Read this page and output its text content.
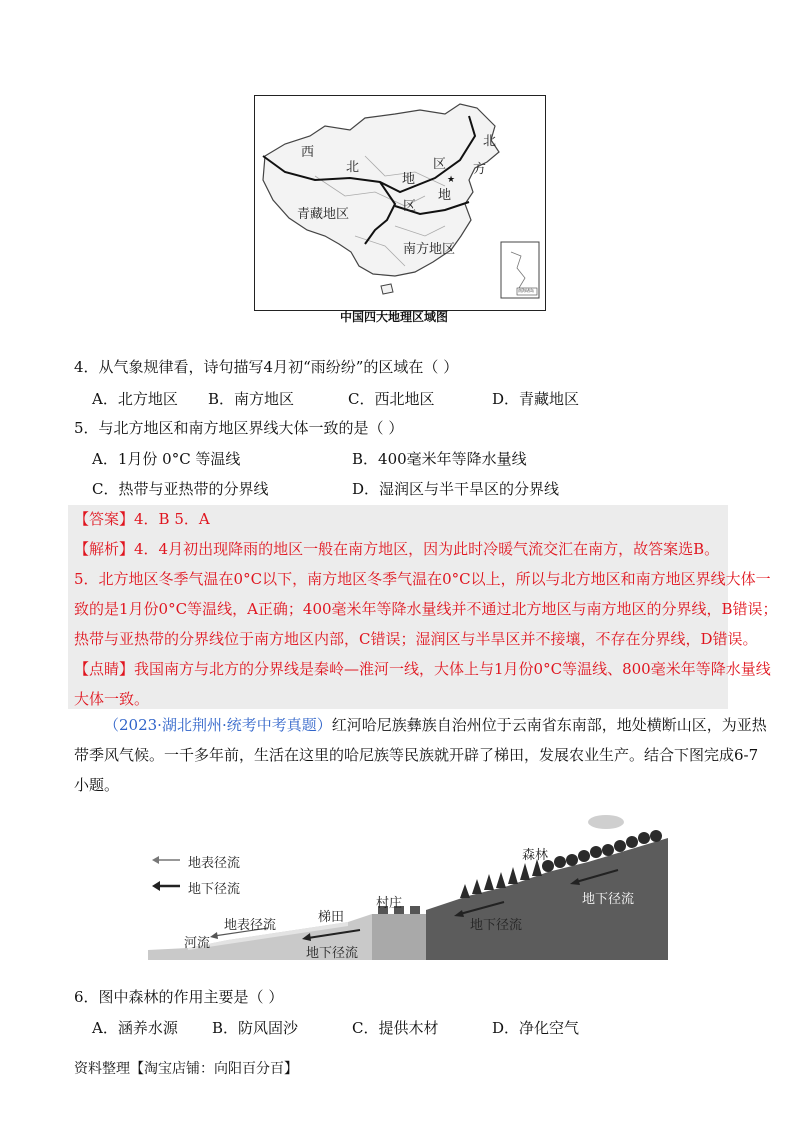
★
西
北
地
区
北
方
地
区
青藏地区
南方地区
南海诸岛
中国四大地理区域图
4．从气象规律看，诗句描写4月初“雨纷纷”的区域在（ ）
A．北方地区 B．南方地区	C．西北地区	D．青藏地区
5．与北方地区和南方地区界线大体一致的是（ ）
A．1月份 0°C 等温线	B．400毫米年等降水量线
C．热带与亚热带的分界线	D．湿润区与半干旱区的分界线
【答案】4．B 5．A
【解析】4．4月初出现降雨的地区一般在南方地区，因为此时冷暖气流交汇在南方，故答案选B。
5．北方地区冬季气温在0°C以下，南方地区冬季气温在0°C以上，所以与北方地区和南方地区界线大体一
致的是1月份0°C等温线，A正确；400毫米年等降水量线并不通过北方地区与南方地区的分界线，B错误；
热带与亚热带的分界线位于南方地区内部，C错误；湿润区与半旱区并不接壤，不存在分界线，D错误。
【点睛】我国南方与北方的分界线是秦岭—淮河一线，大体上与1月份0°C等温线、800毫米年等降水量线
大体一致。
（2023·湖北荆州·统考中考真题）红河哈尼族彝族自治州位于云南省东南部，地处横断山区，为亚热
带季风气候。一千多年前，生活在这里的哈尼族等民族就开辟了梯田，发展农业生产。结合下图完成6-7
小题。
地表径流
地下径流
森林
村庄
梯田
河流
地表径流
地下径流
地下径流
地下径流
6．图中森林的作用主要是（ ）
A．涵养水源 B．防风固沙	C．提供木材	D．净化空气
资料整理【淘宝店铺：向阳百分百】
